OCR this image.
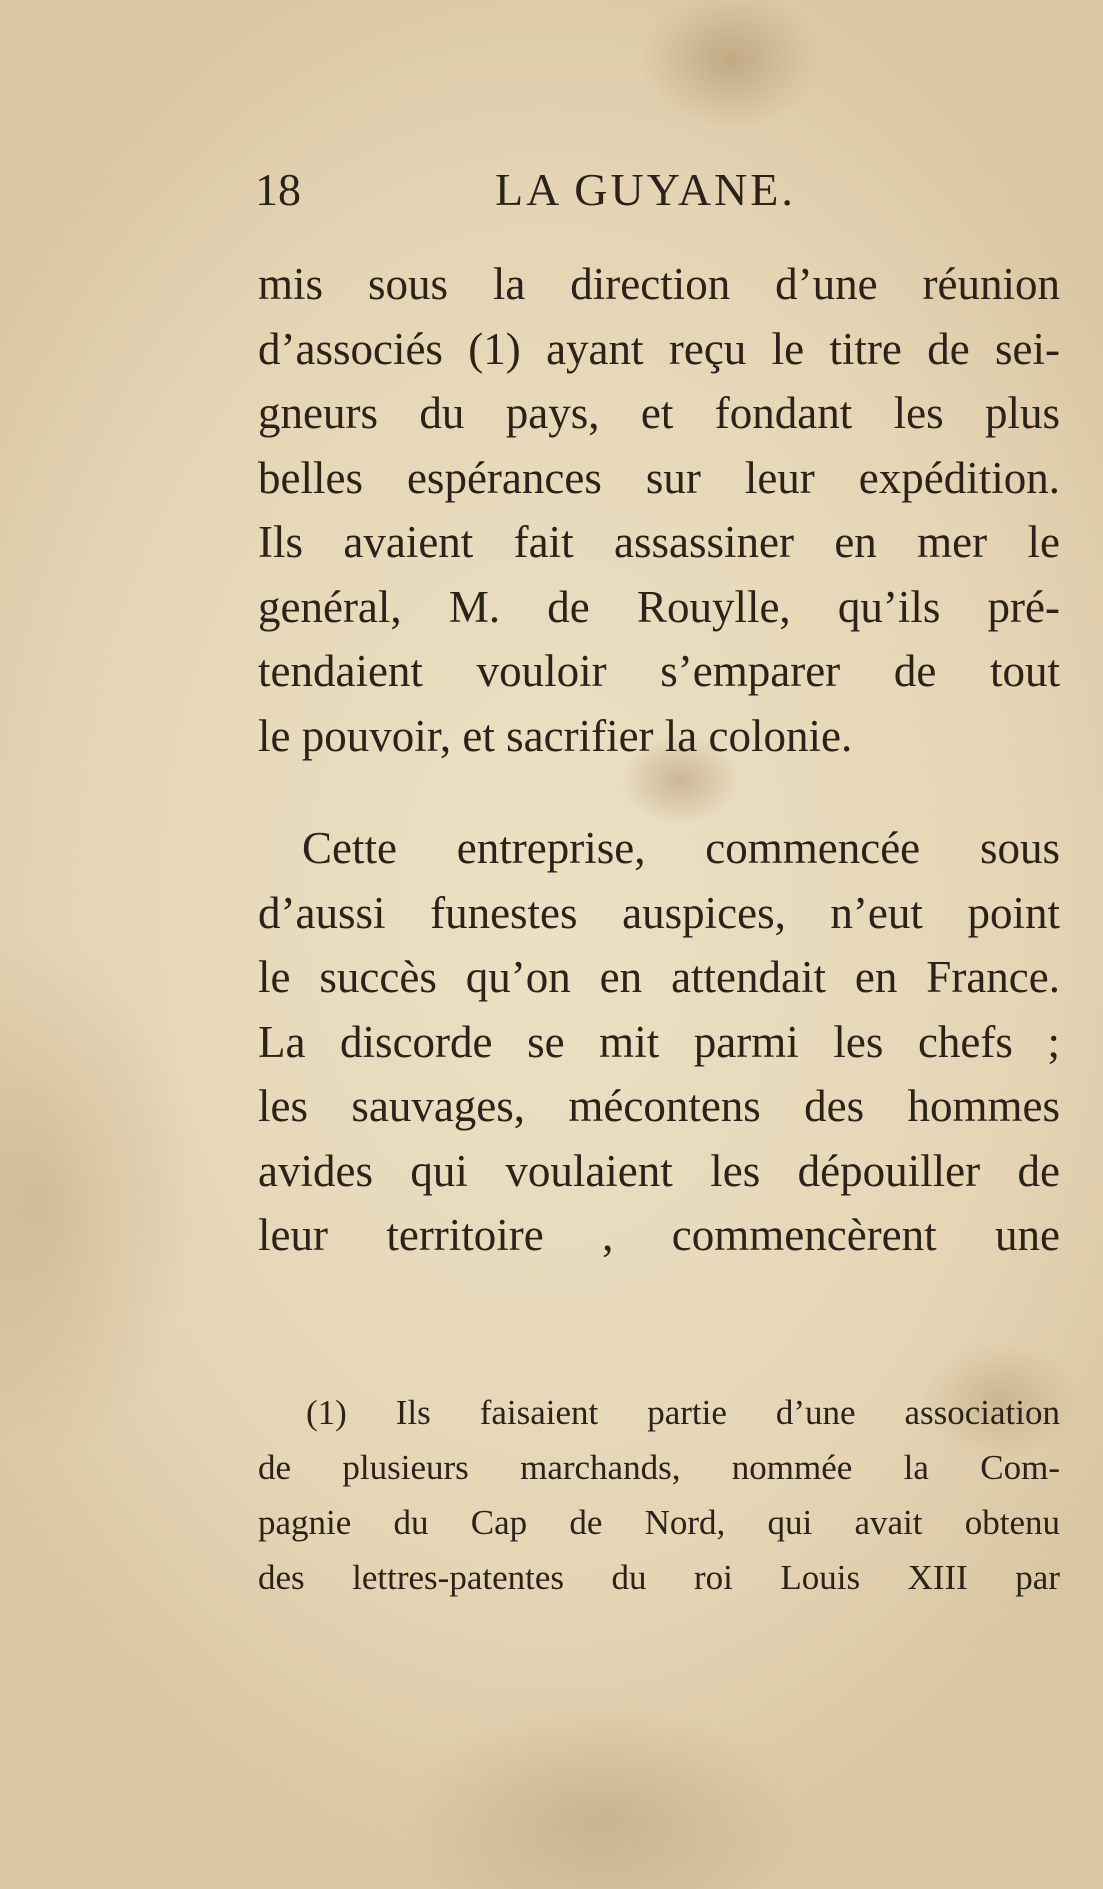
18	LA GUYANE.
mis sous la direction d’une réunion
d’associés (1) ayant reçu le titre de sei-
gneurs du pays, et fondant les plus
belles espérances sur leur expédition.
Ils avaient fait assassiner en mer le
genéral, M. de Rouylle, qu’ils pré-
tendaient vouloir s’emparer de tout
le pouvoir, et sacrifier la colonie.
Cette entreprise, commencée sous
d’aussi funestes auspices, n’eut point
le succès qu’on en attendait en France.
La discorde se mit parmi les chefs ;
les sauvages, mécontens des hommes
avides qui voulaient les dépouiller de
leur territoire , commencèrent une
(1) Ils faisaient partie d’une association
de plusieurs marchands, nommée la Com-
pagnie du Cap de Nord, qui avait obtenu
des lettres-patentes du roi Louis XIII par
